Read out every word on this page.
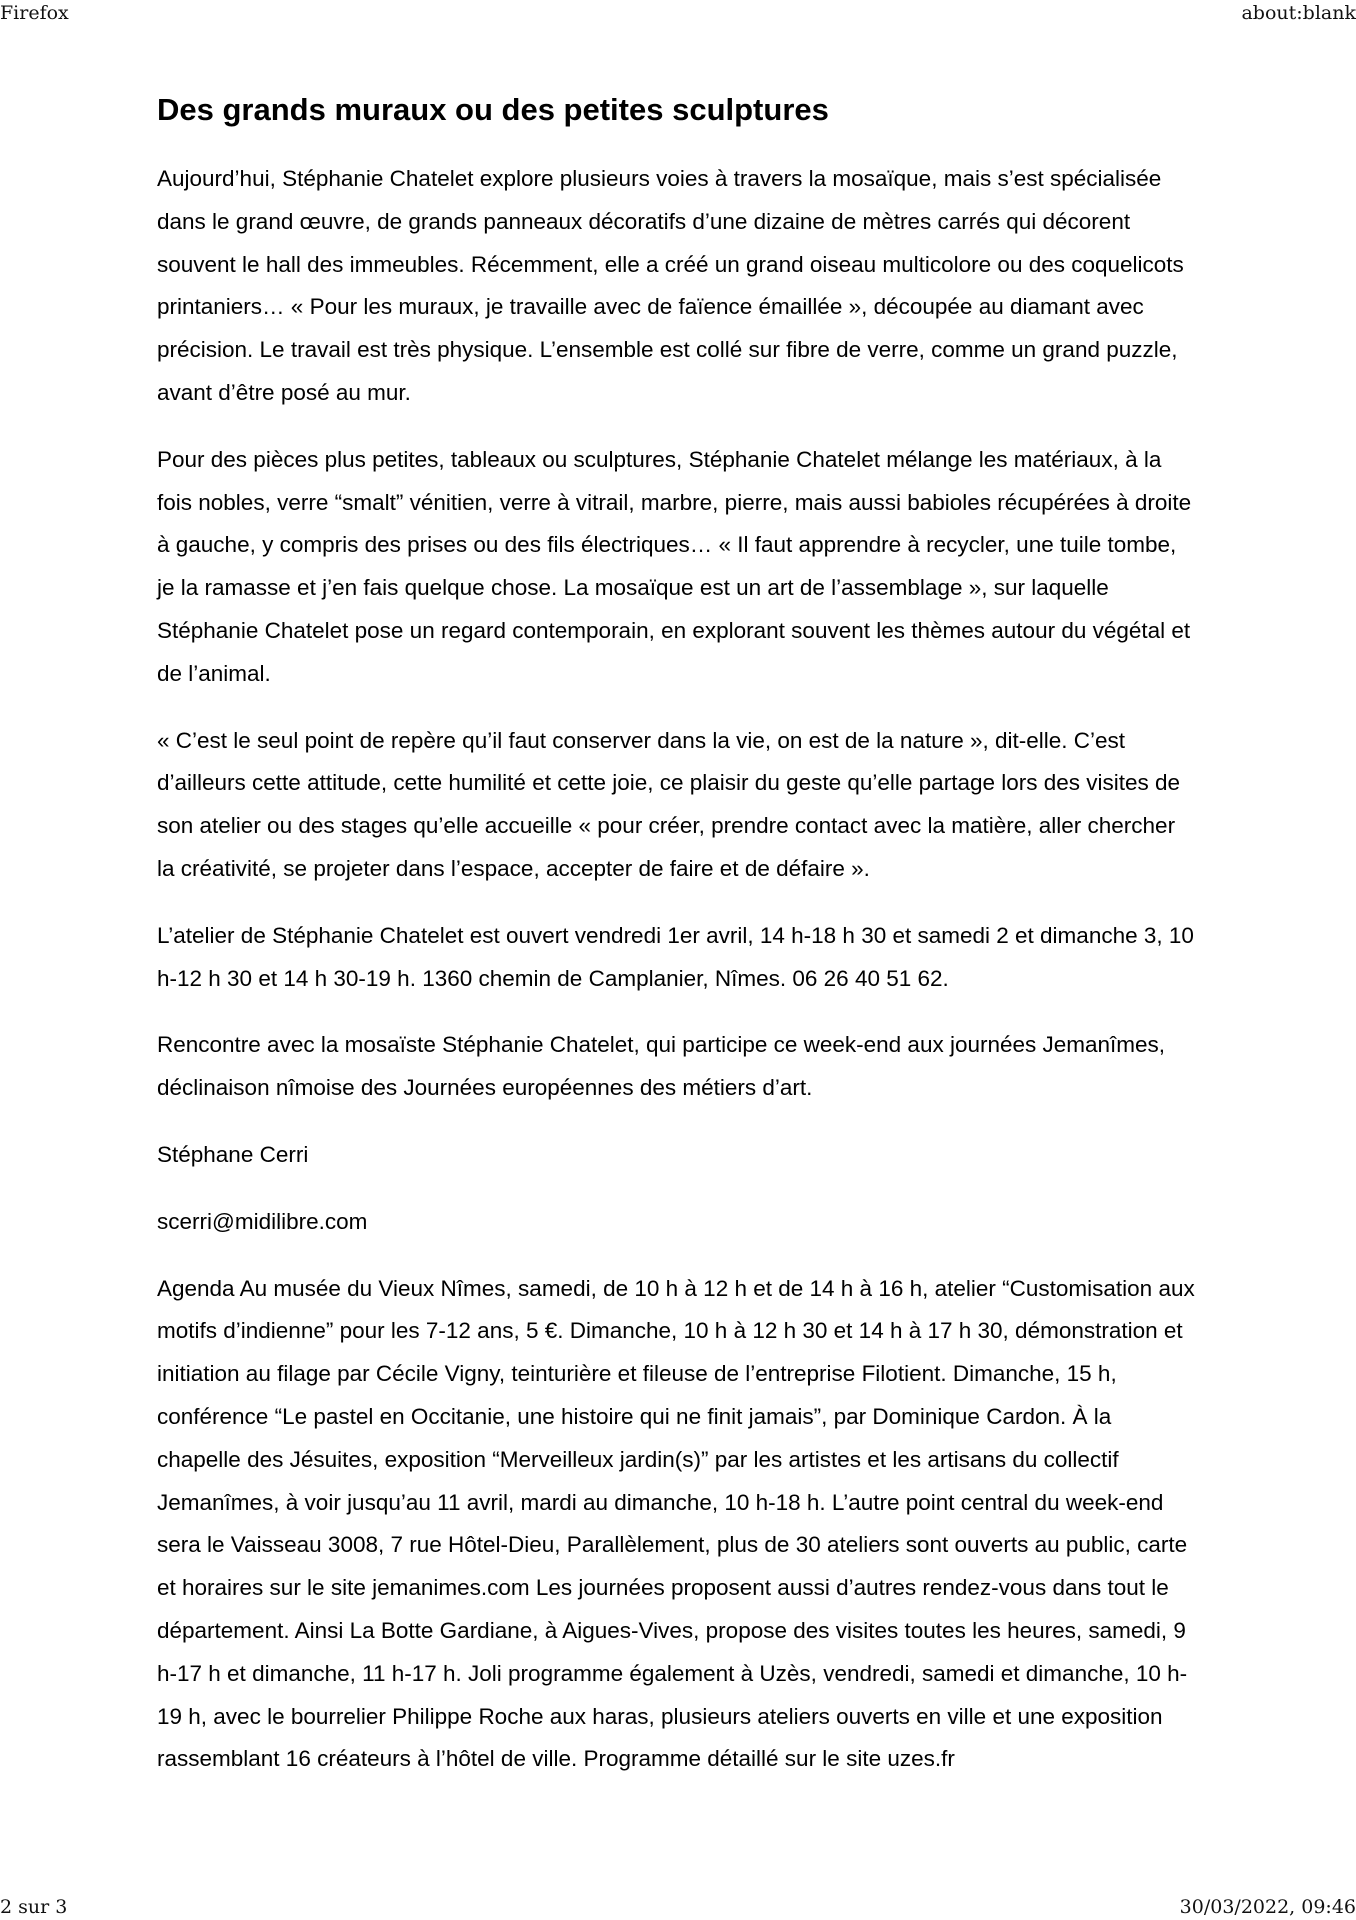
Firefox	about:blank
Des grands muraux ou des petites sculptures

Aujourd’hui, Stéphanie Chatelet explore plusieurs voies à travers la mosaïque, mais s’est spécialisée dans le grand œuvre, de grands panneaux décoratifs d’une dizaine de mètres carrés qui décorent souvent le hall des immeubles. Récemment, elle a créé un grand oiseau multicolore ou des coquelicots printaniers… « Pour les muraux, je travaille avec de faïence émaillée », découpée au diamant avec précision. Le travail est très physique. L’ensemble est collé sur fibre de verre, comme un grand puzzle, avant d’être posé au mur.

Pour des pièces plus petites, tableaux ou sculptures, Stéphanie Chatelet mélange les matériaux, à la fois nobles, verre “smalt” vénitien, verre à vitrail, marbre, pierre, mais aussi babioles récupérées à droite à gauche, y compris des prises ou des fils électriques… « Il faut apprendre à recycler, une tuile tombe, je la ramasse et j’en fais quelque chose. La mosaïque est un art de l’assemblage », sur laquelle Stéphanie Chatelet pose un regard contemporain, en explorant souvent les thèmes autour du végétal et de l’animal.

« C’est le seul point de repère qu’il faut conserver dans la vie, on est de la nature », dit-elle. C’est d’ailleurs cette attitude, cette humilité et cette joie, ce plaisir du geste qu’elle partage lors des visites de son atelier ou des stages qu’elle accueille « pour créer, prendre contact avec la matière, aller chercher la créativité, se projeter dans l’espace, accepter de faire et de défaire ».

L’atelier de Stéphanie Chatelet est ouvert vendredi 1er avril, 14 h-18 h 30 et samedi 2 et dimanche 3, 10 h-12 h 30 et 14 h 30-19 h. 1360 chemin de Camplanier, Nîmes. 06 26 40 51 62.

Rencontre avec la mosaïste Stéphanie Chatelet, qui participe ce week-end aux journées Jemanîmes, déclinaison nîmoise des Journées européennes des métiers d’art.

Stéphane Cerri

scerri@midilibre.com

Agenda Au musée du Vieux Nîmes, samedi, de 10 h à 12 h et de 14 h à 16 h, atelier “Customisation aux motifs d’indienne” pour les 7-12 ans, 5 €. Dimanche, 10 h à 12 h 30 et 14 h à 17 h 30, démonstration et initiation au filage par Cécile Vigny, teinturière et fileuse de l’entreprise Filotient. Dimanche, 15 h, conférence “Le pastel en Occitanie, une histoire qui ne finit jamais”, par Dominique Cardon. À la chapelle des Jésuites, exposition “Merveilleux jardin(s)” par les artistes et les artisans du collectif Jemanîmes, à voir jusqu’au 11 avril, mardi au dimanche, 10 h-18 h. L’autre point central du week-end sera le Vaisseau 3008, 7 rue Hôtel-Dieu, Parallèlement, plus de 30 ateliers sont ouverts au public, carte et horaires sur le site jemanimes.com Les journées proposent aussi d’autres rendez-vous dans tout le département. Ainsi La Botte Gardiane, à Aigues-Vives, propose des visites toutes les heures, samedi, 9 h-17 h et dimanche, 11 h-17 h. Joli programme également à Uzès, vendredi, samedi et dimanche, 10 h-19 h, avec le bourrelier Philippe Roche aux haras, plusieurs ateliers ouverts en ville et une exposition rassemblant 16 créateurs à l’hôtel de ville. Programme détaillé sur le site uzes.fr

2 sur 3	30/03/2022, 09:46
